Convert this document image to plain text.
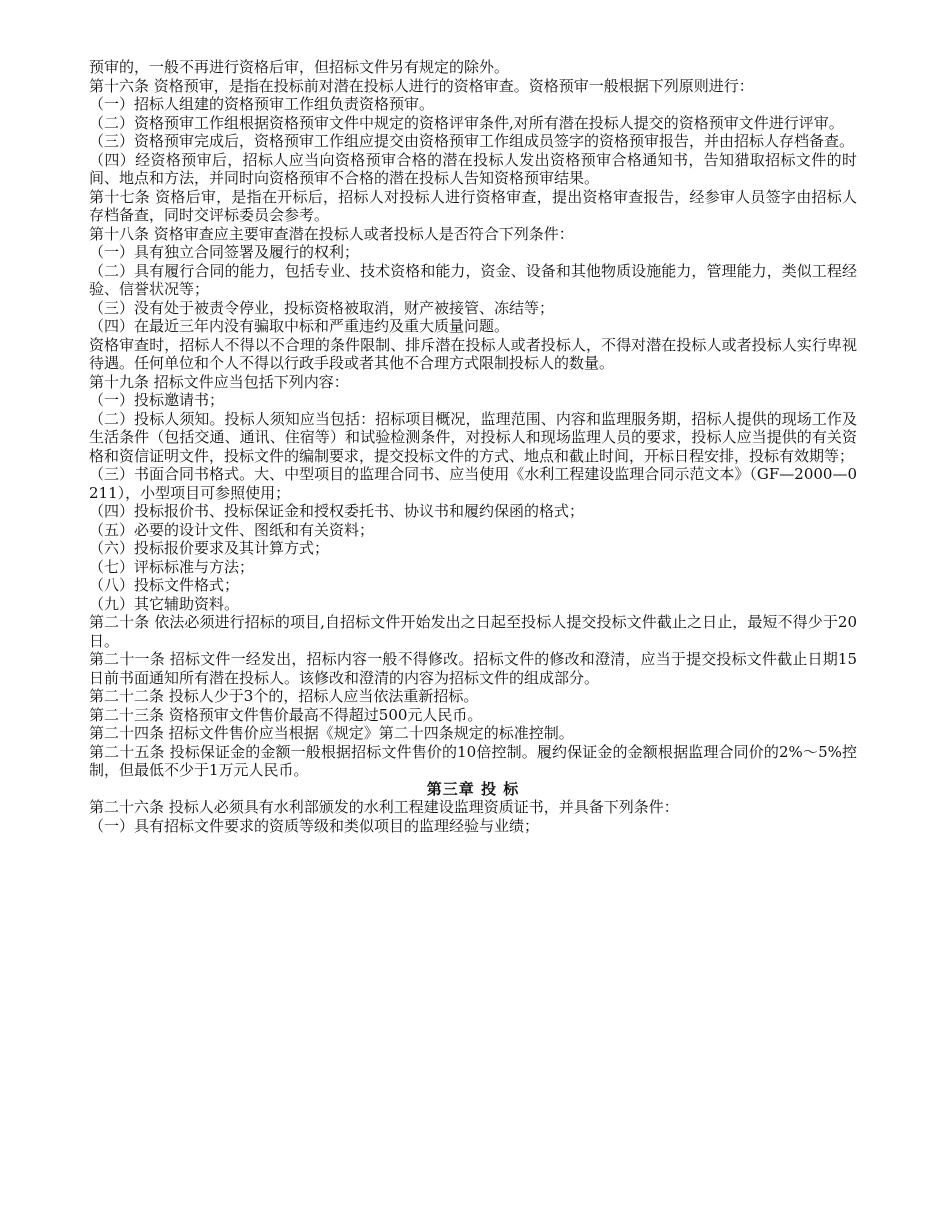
预审的，一般不再进行资格后审，但招标文件另有规定的除外。

第十六条 资格预审，是指在投标前对潜在投标人进行的资格审查。资格预审一般根据下列原则进行：

（一）招标人组建的资格预审工作组负责资格预审。

（二）资格预审工作组根据资格预审文件中规定的资格评审条件,对所有潜在投标人提交的资格预审文件进行评审。

（三）资格预审完成后，资格预审工作组应提交由资格预审工作组成员签字的资格预审报告，并由招标人存档备查。

（四）经资格预审后，招标人应当向资格预审合格的潜在投标人发出资格预审合格通知书，告知猎取招标文件的时间、地点和方法，并同时向资格预审不合格的潜在投标人告知资格预审结果。

第十七条 资格后审，是指在开标后，招标人对投标人进行资格审查，提出资格审查报告，经参审人员签字由招标人存档备查，同时交评标委员会参考。

第十八条 资格审查应主要审查潜在投标人或者投标人是否符合下列条件：

（一）具有独立合同签署及履行的权利；

（二）具有履行合同的能力，包括专业、技术资格和能力，资金、设备和其他物质设施能力，管理能力，类似工程经验、信誉状况等；

（三）没有处于被责令停业，投标资格被取消，财产被接管、冻结等；

（四）在最近三年内没有骗取中标和严重违约及重大质量问题。

资格审查时，招标人不得以不合理的条件限制、排斥潜在投标人或者投标人，不得对潜在投标人或者投标人实行卑视待遇。任何单位和个人不得以行政手段或者其他不合理方式限制投标人的数量。

第十九条 招标文件应当包括下列内容：

（一）投标邀请书；

（二）投标人须知。投标人须知应当包括：招标项目概况，监理范围、内容和监理服务期，招标人提供的现场工作及生活条件（包括交通、通讯、住宿等）和试验检测条件，对投标人和现场监理人员的要求，投标人应当提供的有关资格和资信证明文件，投标文件的编制要求，提交投标文件的方式、地点和截止时间，开标日程安排，投标有效期等；

（三）书面合同书格式。大、中型项目的监理合同书、应当使用《水利工程建设监理合同示范文本》（GF—2000—0211），小型项目可参照使用；

（四）投标报价书、投标保证金和授权委托书、协议书和履约保函的格式；

（五）必要的设计文件、图纸和有关资料；

（六）投标报价要求及其计算方式；

（七）评标标准与方法；

（八）投标文件格式；

（九）其它辅助资料。

第二十条 依法必须进行招标的项目,自招标文件开始发出之日起至投标人提交投标文件截止之日止，最短不得少于20日。

第二十一条 招标文件一经发出，招标内容一般不得修改。招标文件的修改和澄清，应当于提交投标文件截止日期15日前书面通知所有潜在投标人。该修改和澄清的内容为招标文件的组成部分。

第二十二条 投标人少于3个的，招标人应当依法重新招标。

第二十三条 资格预审文件售价最高不得超过500元人民币。

第二十四条 招标文件售价应当根据《规定》第二十四条规定的标准控制。

第二十五条 投标保证金的金额一般根据招标文件售价的10倍控制。履约保证金的金额根据监理合同价的2%～5%控制，但最低不少于1万元人民币。

第三章 投 标

第二十六条 投标人必须具有水利部颁发的水利工程建设监理资质证书，并具备下列条件：

（一）具有招标文件要求的资质等级和类似项目的监理经验与业绩；
